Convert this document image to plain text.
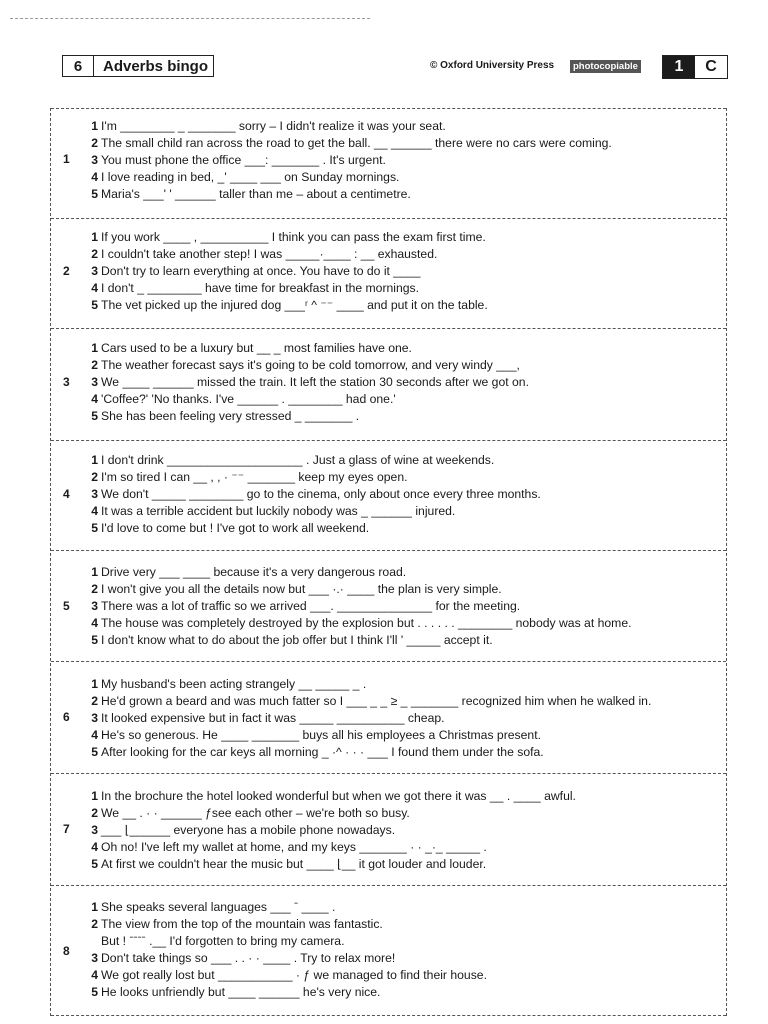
6	Adverbs bingo	© Oxford University Press	photocopiable	1	C
1
1 I'm ________ _ _______ sorry – I didn't realize it was your seat.
2 The small child ran across the road to get the ball. __ ______ there were no cars were coming.
3 You must phone the office ___: _______ . It's urgent.
4 I love reading in bed, _' ____ ___ on Sunday mornings.
5 Maria's ___' ' ______ taller than me – about a centimetre.
2
1 If you work ____ , __________ I think you can pass the exam first time.
2 I couldn't take another step! I was _____·____ : __ exhausted.
3 Don't try to learn everything at once. You have to do it ____
4 I don't _ ________ have time for breakfast in the mornings.
5 The vet picked up the injured dog ___ʳ ^ ⁻⁻ ____ and put it on the table.
3
1 Cars used to be a luxury but __ _ most families have one.
2 The weather forecast says it's going to be cold tomorrow, and very windy ___,
3 We ____ ______ missed the train. It left the station 30 seconds after we got on.
4 'Coffee?' 'No thanks. I've ______ . ________ had one.'
5 She has been feeling very stressed _ _______ .
4
1 I don't drink ____________________ . Just a glass of wine at weekends.
2 I'm so tired I can __ , , · ⁻⁻ _______ keep my eyes open.
3 We don't _____ ________ go to the cinema, only about once every three months.
4 It was a terrible accident but luckily nobody was _ ______ injured.
5 I'd love to come but ! I've got to work all weekend.
5
1 Drive very ___ ____ because it's a very dangerous road.
2 I won't give you all the details now but ___ ·.· ____ the plan is very simple.
3 There was a lot of traffic so we arrived ___. ______________ for the meeting.
4 The house was completely destroyed by the explosion but . . . . . . ________ nobody was at home.
5 I don't know what to do about the job offer but I think I'll ' _____ accept it.
6
1 My husband's been acting strangely __ _____ _ .
2 He'd grown a beard and was much fatter so I ___ _ _ ≥ _ _______ recognized him when he walked in.
3 It looked expensive but in fact it was _____ __________ cheap.
4 He's so generous. He ____ _______ buys all his employees a Christmas present.
5 After looking for the car keys all morning _ ·^ · · · ___ I found them under the sofa.
7
1 In the brochure the hotel looked wonderful but when we got there it was __ . ____ awful.
2 We __ . · · ______ ƒsee each other – we're both so busy.
3 ___ ⌊______ everyone has a mobile phone nowadays.
4 Oh no! I've left my wallet at home, and my keys _______ · · _·_ _____ .
5 At first we couldn't hear the music but ____ ⌊__ it got louder and louder.
8
1 She speaks several languages ___ ˉ ____ .
2 The view from the top of the mountain was fantastic.
But ! ˉˉˉˉ .__ I'd forgotten to bring my camera.
3 Don't take things so ___ . . · · ____ . Try to relax more!
4 We got really lost but ___________ · ƒ we managed to find their house.
5 He looks unfriendly but ____ ______ he's very nice.
